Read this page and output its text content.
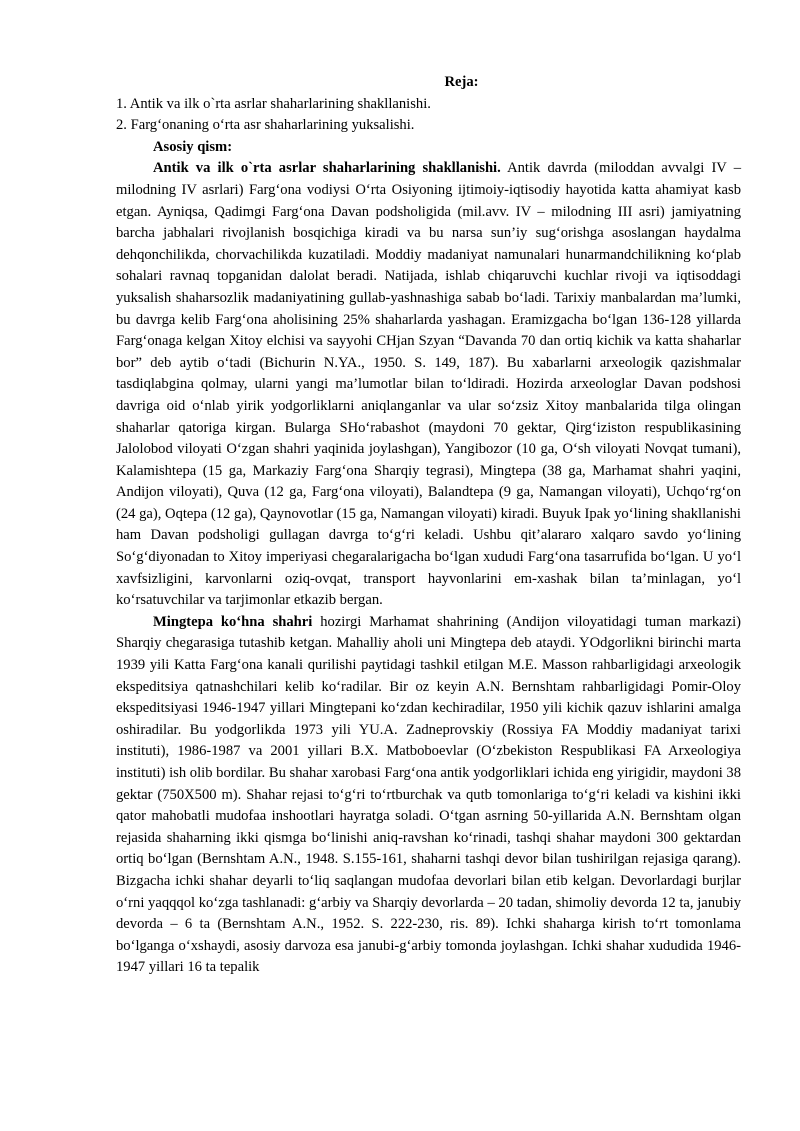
Reja:

1. Antik va ilk o`rta asrlar shaharlarining shakllanishi.

2. Farg‘onaning o‘rta asr shaharlarining yuksalishi.

Asosiy qism:

Antik va ilk o`rta asrlar shaharlarining shakllanishi. Antik davrda (miloddan avvalgi IV – milodning IV asrlari) Farg‘ona vodiysi O‘rta Osiyoning ijtimoiy-iqtisodiy hayotida katta ahamiyat kasb etgan. Ayniqsa, Qadimgi Farg‘ona Davan podsholigida (mil.avv. IV – milodning III asri) jamiyatning barcha jabhalari rivojlanish bosqichiga kiradi va bu narsa sun’iy sug‘orishga asoslangan haydalma dehqonchilikda, chorvachilikda kuzatiladi. Moddiy madaniyat namunalari hunarmandchilikning ko‘plab sohalari ravnaq topganidan dalolat beradi. Natijada, ishlab chiqaruvchi kuchlar rivoji va iqtisoddagi yuksalish shaharsozlik madaniyatining gullab-yashnashiga sabab bo‘ladi. Tarixiy manbalardan ma’lumki, bu davrga kelib Farg‘ona aholisining 25% shaharlarda yashagan. Eramizgacha bo‘lgan 136-128 yillarda Farg‘onaga kelgan Xitoy elchisi va sayyohi CHjan Szyan “Davanda 70 dan ortiq kichik va katta shaharlar bor” deb aytib o‘tadi (Bichurin N.YA., 1950. S. 149, 187). Bu xabarlarni arxeologik qazishmalar tasdiqlabgina qolmay, ularni yangi ma’lumotlar bilan to‘ldiradi. Hozirda arxeologlar Davan podshosi davriga oid o‘nlab yirik yodgorliklarni aniqlanganlar va ular so‘zsiz Xitoy manbalarida tilga olingan shaharlar qatoriga kirgan. Bularga SHo‘rabashot (maydoni 70 gektar, Qirg‘iziston respublikasining Jalolobod viloyati O‘zgan shahri yaqinida joylashgan), Yangibozor (10 ga, O‘sh viloyati Novqat tumani), Kalamishtepa (15 ga, Markaziy Farg‘ona Sharqiy tegrasi), Mingtepa (38 ga, Marhamat shahri yaqini, Andijon viloyati), Quva (12 ga, Farg‘ona viloyati), Balandtepa (9 ga, Namangan viloyati), Uchqo‘rg‘on (24 ga), Oqtepa (12 ga), Qaynovotlar (15 ga, Namangan viloyati) kiradi. Buyuk Ipak yo‘lining shakllanishi ham Davan podsholigi gullagan davrga to‘g‘ri keladi. Ushbu qit’alararo xalqaro savdo yo‘lining So‘g‘diyonadan to Xitoy imperiyasi chegaralarigacha bo‘lgan xududi Farg‘ona tasarrufida bo‘lgan. U yo‘l xavfsizligini, karvonlarni oziq-ovqat, transport hayvonlarini em-xashak bilan ta’minlagan, yo‘l ko‘rsatuvchilar va tarjimonlar etkazib bergan.

Mingtepa ko‘hna shahri hozirgi Marhamat shahrining (Andijon viloyatidagi tuman markazi) Sharqiy chegarasiga tutashib ketgan. Mahalliy aholi uni Mingtepa deb ataydi. YOdgorlikni birinchi marta 1939 yili Katta Farg‘ona kanali qurilishi paytidagi tashkil etilgan M.E. Masson rahbarligidagi arxeologik ekspeditsiya qatnashchilari kelib ko‘radilar. Bir oz keyin A.N. Bernshtam rahbarligidagi Pomir-Oloy ekspeditsiyasi 1946-1947 yillari Mingtepani ko‘zdan kechiradilar, 1950 yili kichik qazuv ishlarini amalga oshiradilar. Bu yodgorlikda 1973 yili YU.A. Zadneprovskiy (Rossiya FA Moddiy madaniyat tarixi instituti), 1986-1987 va 2001 yillari B.X. Matboboevlar (O‘zbekiston Respublikasi FA Arxeologiya instituti) ish olib bordilar. Bu shahar xarobasi Farg‘ona antik yodgorliklari ichida eng yirigidir, maydoni 38 gektar (750X500 m). Shahar rejasi to‘g‘ri to‘rtburchak va qutb tomonlariga to‘g‘ri keladi va kishini ikki qator mahobatli mudofaa inshootlari hayratga soladi. O‘tgan asrning 50-yillarida A.N. Bernshtam olgan rejasida shaharning ikki qismga bo‘linishi aniq-ravshan ko‘rinadi, tashqi shahar maydoni 300 gektardan ortiq bo‘lgan (Bernshtam A.N., 1948. S.155-161, shaharni tashqi devor bilan tushirilgan rejasiga qarang). Bizgacha ichki shahar deyarli to‘liq saqlangan mudofaa devorlari bilan etib kelgan. Devorlardagi burjlar o‘rni yaqqqol ko‘zga tashlanadi: g‘arbiy va Sharqiy devorlarda – 20 tadan, shimoliy devorda 12 ta, janubiy devorda – 6 ta (Bernshtam A.N., 1952. S. 222-230, ris. 89). Ichki shaharga kirish to‘rt tomonlama bo‘lganga o‘xshaydi, asosiy darvoza esa janubi-g‘arbiy tomonda joylashgan. Ichki shahar xududida 1946-1947 yillari 16 ta tepalik
